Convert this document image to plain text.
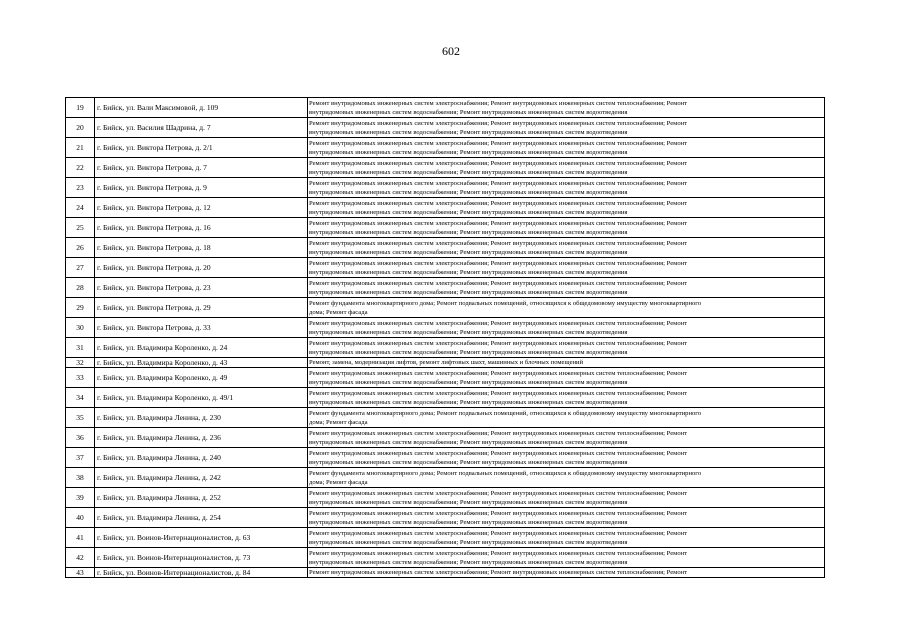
602
19	г. Бийск, ул. Вали Максимовой, д. 109	Ремонт внутридомовых инженерных систем электроснабжения; Ремонт внутридомовых инженерных систем теплоснабжения; Ремонт
внутридомовых инженерных систем водоснабжения; Ремонт внутридомовых инженерных систем водоотведения

20	г. Бийск, ул. Василия Шадрина, д. 7	Ремонт внутридомовых инженерных систем электроснабжения; Ремонт внутридомовых инженерных систем теплоснабжения; Ремонт
внутридомовых инженерных систем водоснабжения; Ремонт внутридомовых инженерных систем водоотведения

21	г. Бийск, ул. Виктора Петрова, д. 2/1	Ремонт внутридомовых инженерных систем электроснабжения; Ремонт внутридомовых инженерных систем теплоснабжения; Ремонт
внутридомовых инженерных систем водоснабжения; Ремонт внутридомовых инженерных систем водоотведения

22	г. Бийск, ул. Виктора Петрова, д. 7	Ремонт внутридомовых инженерных систем электроснабжения; Ремонт внутридомовых инженерных систем теплоснабжения; Ремонт
внутридомовых инженерных систем водоснабжения; Ремонт внутридомовых инженерных систем водоотведения

23	г. Бийск, ул. Виктора Петрова, д. 9	Ремонт внутридомовых инженерных систем электроснабжения; Ремонт внутридомовых инженерных систем теплоснабжения; Ремонт
внутридомовых инженерных систем водоснабжения; Ремонт внутридомовых инженерных систем водоотведения

24	г. Бийск, ул. Виктора Петрова, д. 12	Ремонт внутридомовых инженерных систем электроснабжения; Ремонт внутридомовых инженерных систем теплоснабжения; Ремонт
внутридомовых инженерных систем водоснабжения; Ремонт внутридомовых инженерных систем водоотведения

25	г. Бийск, ул. Виктора Петрова, д. 16	Ремонт внутридомовых инженерных систем электроснабжения; Ремонт внутридомовых инженерных систем теплоснабжения; Ремонт
внутридомовых инженерных систем водоснабжения; Ремонт внутридомовых инженерных систем водоотведения

26	г. Бийск, ул. Виктора Петрова, д. 18	Ремонт внутридомовых инженерных систем электроснабжения; Ремонт внутридомовых инженерных систем теплоснабжения; Ремонт
внутридомовых инженерных систем водоснабжения; Ремонт внутридомовых инженерных систем водоотведения

27	г. Бийск, ул. Виктора Петрова, д. 20	Ремонт внутридомовых инженерных систем электроснабжения; Ремонт внутридомовых инженерных систем теплоснабжения; Ремонт
внутридомовых инженерных систем водоснабжения; Ремонт внутридомовых инженерных систем водоотведения

28	г. Бийск, ул. Виктора Петрова, д. 23	Ремонт внутридомовых инженерных систем электроснабжения; Ремонт внутридомовых инженерных систем теплоснабжения; Ремонт
внутридомовых инженерных систем водоснабжения; Ремонт внутридомовых инженерных систем водоотведения

29	г. Бийск, ул. Виктора Петрова, д. 29	Ремонт фундамента многоквартирного дома; Ремонт подвальных помещений, относящихся к общедомовому имуществу многоквартирного
дома; Ремонт фасада

30	г. Бийск, ул. Виктора Петрова, д. 33	Ремонт внутридомовых инженерных систем электроснабжения; Ремонт внутридомовых инженерных систем теплоснабжения; Ремонт
внутридомовых инженерных систем водоснабжения; Ремонт внутридомовых инженерных систем водоотведения

31	г. Бийск, ул. Владимира Короленко, д. 24	Ремонт внутридомовых инженерных систем электроснабжения; Ремонт внутридомовых инженерных систем теплоснабжения; Ремонт
внутридомовых инженерных систем водоснабжения; Ремонт внутридомовых инженерных систем водоотведения

32	г. Бийск, ул. Владимира Короленко, д. 43	Ремонт, замена, модернизация лифтов, ремонт лифтовых шахт, машинных и блочных помещений

33	г. Бийск, ул. Владимира Короленко, д. 49	Ремонт внутридомовых инженерных систем электроснабжения; Ремонт внутридомовых инженерных систем теплоснабжения; Ремонт
внутридомовых инженерных систем водоснабжения; Ремонт внутридомовых инженерных систем водоотведения

34	г. Бийск, ул. Владимира Короленко, д. 49/1	Ремонт внутридомовых инженерных систем электроснабжения; Ремонт внутридомовых инженерных систем теплоснабжения; Ремонт
внутридомовых инженерных систем водоснабжения; Ремонт внутридомовых инженерных систем водоотведения

35	г. Бийск, ул. Владимира Ленина, д. 230	Ремонт фундамента многоквартирного дома; Ремонт подвальных помещений, относящихся к общедомовому имуществу многоквартирного
дома; Ремонт фасада

36	г. Бийск, ул. Владимира Ленина, д. 236	Ремонт внутридомовых инженерных систем электроснабжения; Ремонт внутридомовых инженерных систем теплоснабжения; Ремонт
внутридомовых инженерных систем водоснабжения; Ремонт внутридомовых инженерных систем водоотведения

37	г. Бийск, ул. Владимира Ленина, д. 240	Ремонт внутридомовых инженерных систем электроснабжения; Ремонт внутридомовых инженерных систем теплоснабжения; Ремонт
внутридомовых инженерных систем водоснабжения; Ремонт внутридомовых инженерных систем водоотведения

38	г. Бийск, ул. Владимира Ленина, д. 242	Ремонт фундамента многоквартирного дома; Ремонт подвальных помещений, относящихся к общедомовому имуществу многоквартирного
дома; Ремонт фасада

39	г. Бийск, ул. Владимира Ленина, д. 252	Ремонт внутридомовых инженерных систем электроснабжения; Ремонт внутридомовых инженерных систем теплоснабжения; Ремонт
внутридомовых инженерных систем водоснабжения; Ремонт внутридомовых инженерных систем водоотведения

40	г. Бийск, ул. Владимира Ленина, д. 254	Ремонт внутридомовых инженерных систем электроснабжения; Ремонт внутридомовых инженерных систем теплоснабжения; Ремонт
внутридомовых инженерных систем водоснабжения; Ремонт внутридомовых инженерных систем водоотведения

41	г. Бийск, ул. Воинов-Интернационалистов, д. 63	Ремонт внутридомовых инженерных систем электроснабжения; Ремонт внутридомовых инженерных систем теплоснабжения; Ремонт
внутридомовых инженерных систем водоснабжения; Ремонт внутридомовых инженерных систем водоотведения

42	г. Бийск, ул. Воинов-Интернационалистов, д. 73	Ремонт внутридомовых инженерных систем электроснабжения; Ремонт внутридомовых инженерных систем теплоснабжения; Ремонт
внутридомовых инженерных систем водоснабжения; Ремонт внутридомовых инженерных систем водоотведения

43	г. Бийск, ул. Воинов-Интернационалистов, д. 84	Ремонт внутридомовых инженерных систем электроснабжения; Ремонт внутридомовых инженерных систем теплоснабжения; Ремонт
